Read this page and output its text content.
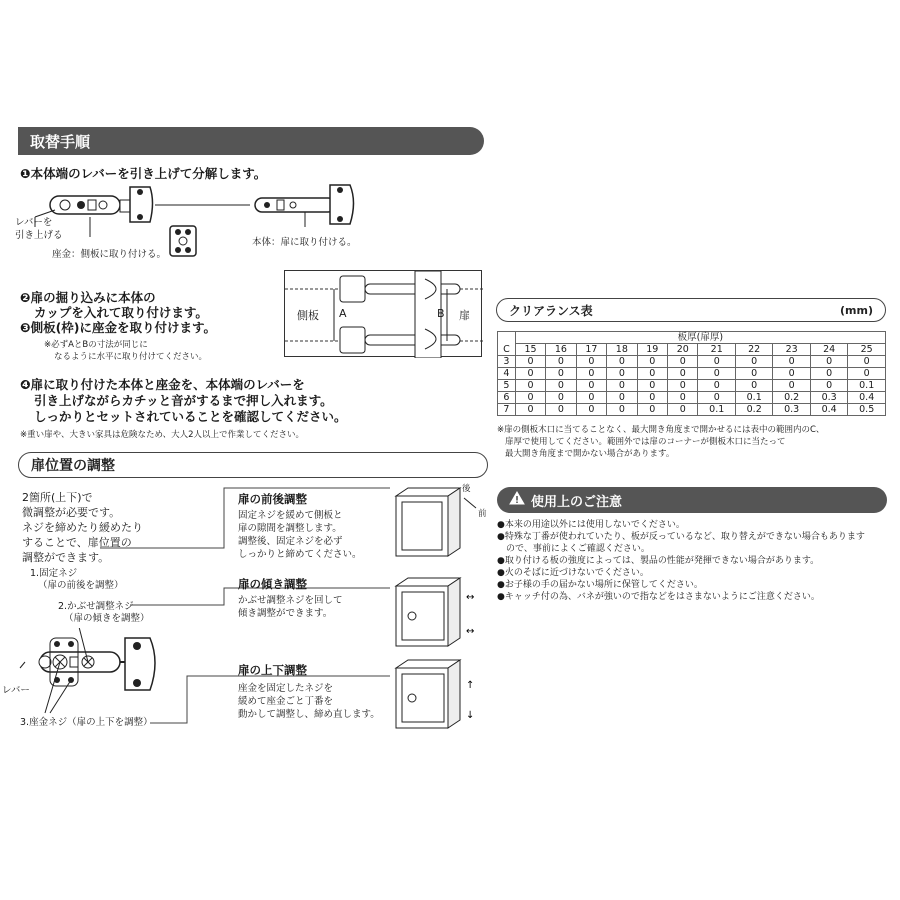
取替手順
❶本体端のレバーを引き上げて分解します。
レバーを
引き上げる
座金：側板に取り付ける。
本体：扉に取り付ける。
❷扉の掘り込みに本体の
カップを入れて取り付けます。
❸側板(枠)に座金を取り付けます。
※必ずAとBの寸法が同じに
なるように水平に取り付けてください。
側板 A	B 扉
❹扉に取り付けた本体と座金を、本体端のレバーを
引き上げながらカチッと音がするまで押し入れます。
しっかりとセットされていることを確認してください。
※重い扉や、大きい家具は危険なため、大人2人以上で作業してください。
扉位置の調整
2箇所(上下)で
微調整が必要です。
ネジを締めたり緩めたり
することで、扉位置の
調整ができます。
1.固定ネジ
（扉の前後を調整）
2.かぶせ調整ネジ
（扉の傾きを調整）
レバー
3.座金ネジ（扉の上下を調整）
扉の前後調整
固定ネジを緩めて側板と
扉の隙間を調整します。
調整後、固定ネジを必ず
しっかりと締めてください。
扉の傾き調整
かぶせ調整ネジを回して
傾き調整ができます。
扉の上下調整
座金を固定したネジを
緩めて座金ごと丁番を
動かして調整し、締め直します。
後
前
↔
↔
↑
↓
クリアランス表	(mm)
	板厚(扉厚)										
C	15	16	17	18	19	20	21	22	23	24	25
3	0	0	0	0	0	0	0	0	0	0	0
4	0	0	0	0	0	0	0	0	0	0	0
5	0	0	0	0	0	0	0	0	0	0	0.1
6	0	0	0	0	0	0	0	0.1	0.2	0.3	0.4
7	0	0	0	0	0	0	0.1	0.2	0.3	0.4	0.5
※扉の側板木口に当てることなく、最大開き角度まで開かせるには表中の範囲内のC、
扉厚で使用してください。範囲外では扉のコーナーが側板木口に当たって
最大開き角度まで開かない場合があります。
使用上のご注意
●本来の用途以外には使用しないでください。
●特殊な丁番が使われていたり、板が反っているなど、取り替えができない場合もあります
　ので、事前によくご確認ください。
●取り付ける板の強度によっては、製品の性能が発揮できない場合があります。
●火のそばに近づけないでください。
●お子様の手の届かない場所に保管してください。
●キャッチ付の為、バネが強いので指などをはさまないようにご注意ください。
